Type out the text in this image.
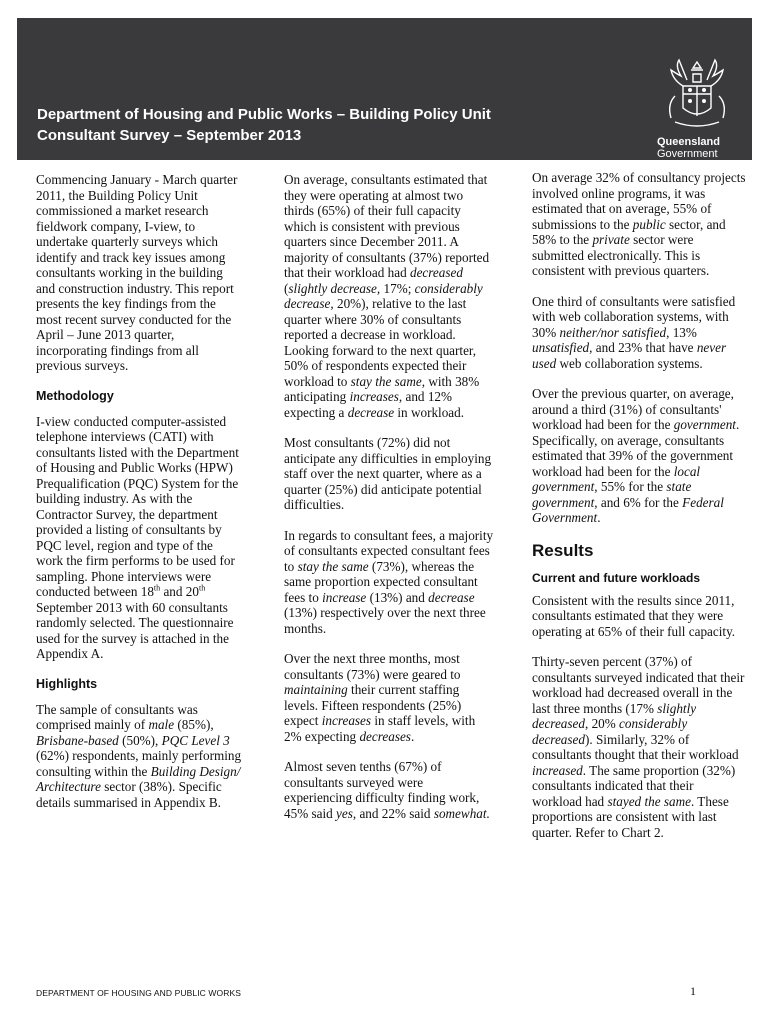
Department of Housing and Public Works – Building Policy Unit
Consultant Survey – September 2013	Queensland
Government

Commencing January - March quarter 2011, the Building Policy Unit commissioned a market research fieldwork company, I-view, to undertake quarterly surveys which identify and track key issues among consultants working in the building and construction industry. This report presents the key findings from the most recent survey conducted for the April – June 2013 quarter, incorporating findings from all previous surveys.

Methodology

I-view conducted computer-assisted telephone interviews (CATI) with consultants listed with the Department of Housing and Public Works (HPW) Prequalification (PQC) System for the building industry. As with the Contractor Survey, the department provided a listing of consultants by PQC level, region and type of the work the firm performs to be used for sampling. Phone interviews were conducted between 18th and 20th September 2013 with 60 consultants randomly selected. The questionnaire used for the survey is attached in the Appendix A.

Highlights

The sample of consultants was comprised mainly of male (85%), Brisbane-based (50%), PQC Level 3 (62%) respondents, mainly performing consulting within the Building Design/ Architecture sector (38%). Specific details summarised in Appendix B.

On average, consultants estimated that they were operating at almost two thirds (65%) of their full capacity which is consistent with previous quarters since December 2011. A majority of consultants (37%) reported that their workload had decreased (slightly decrease, 17%; considerably decrease, 20%), relative to the last quarter where 30% of consultants reported a decrease in workload. Looking forward to the next quarter, 50% of respondents expected their workload to stay the same, with 38% anticipating increases, and 12% expecting a decrease in workload.

Most consultants (72%) did not anticipate any difficulties in employing staff over the next quarter, where as a quarter (25%) did anticipate potential difficulties.

In regards to consultant fees, a majority of consultants expected consultant fees to stay the same (73%), whereas the same proportion expected consultant fees to increase (13%) and decrease (13%) respectively over the next three months.

Over the next three months, most consultants (73%) were geared to maintaining their current staffing levels. Fifteen respondents (25%) expect increases in staff levels, with 2% expecting decreases.

Almost seven tenths (67%) of consultants surveyed were experiencing difficulty finding work, 45% said yes, and 22% said somewhat.

On average 32% of consultancy projects involved online programs, it was estimated that on average, 55% of submissions to the public sector, and 58% to the private sector were submitted electronically. This is consistent with previous quarters.

One third of consultants were satisfied with web collaboration systems, with 30% neither/nor satisfied, 13% unsatisfied, and 23% that have never used web collaboration systems.

Over the previous quarter, on average, around a third (31%) of consultants' workload had been for the government. Specifically, on average, consultants estimated that 39% of the government workload had been for the local government, 55% for the state government, and 6% for the Federal Government.

Results
Current and future workloads

Consistent with the results since 2011, consultants estimated that they were operating at 65% of their full capacity.

Thirty-seven percent (37%) of consultants surveyed indicated that their workload had decreased overall in the last three months (17% slightly decreased, 20% considerably decreased). Similarly, 32% of consultants thought that their workload increased. The same proportion (32%) consultants indicated that their workload had stayed the same. These proportions are consistent with last quarter. Refer to Chart 2.

DEPARTMENT OF HOUSING AND PUBLIC WORKS	1
